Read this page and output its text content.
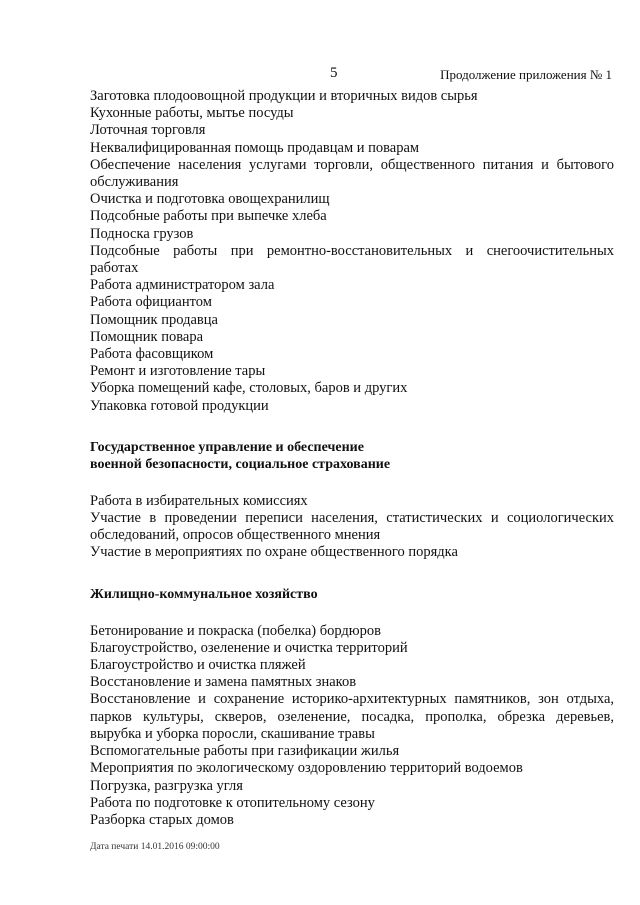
5	Продолжение приложения № 1

Заготовка плодоовощной продукции и вторичных видов сырья

Кухонные работы, мытье посуды

Лоточная торговля

Неквалифицированная помощь продавцам и поварам

Обеспечение населения услугами торговли, общественного питания и бытового обслуживания

Очистка и подготовка овощехранилищ

Подсобные работы при выпечке хлеба

Подноска грузов

Подсобные работы при ремонтно-восстановительных и снегоочистительных работах

Работа администратором зала

Работа официантом

Помощник продавца

Помощник повара

Работа фасовщиком

Ремонт и изготовление тары

Уборка помещений кафе, столовых, баров и других

Упаковка готовой продукции

Государственное управление и обеспечение

военной безопасности, социальное страхование

Работа в избирательных комиссиях

Участие в проведении переписи населения, статистических и социологических обследований, опросов общественного мнения

Участие в мероприятиях по охране общественного порядка

Жилищно-коммунальное хозяйство

Бетонирование и покраска (побелка) бордюров

Благоустройство, озеленение и очистка территорий

Благоустройство и очистка пляжей

Восстановление и замена памятных знаков

Восстановление и сохранение историко-архитектурных памятников, зон отдыха, парков культуры, скверов, озеленение, посадка, прополка, обрезка деревьев, вырубка и уборка поросли, скашивание травы

Вспомогательные работы при газификации жилья

Мероприятия по экологическому оздоровлению территорий водоемов

Погрузка, разгрузка угля

Работа по подготовке к отопительному сезону

Разборка старых домов

Дата печати 14.01.2016 09:00:00
